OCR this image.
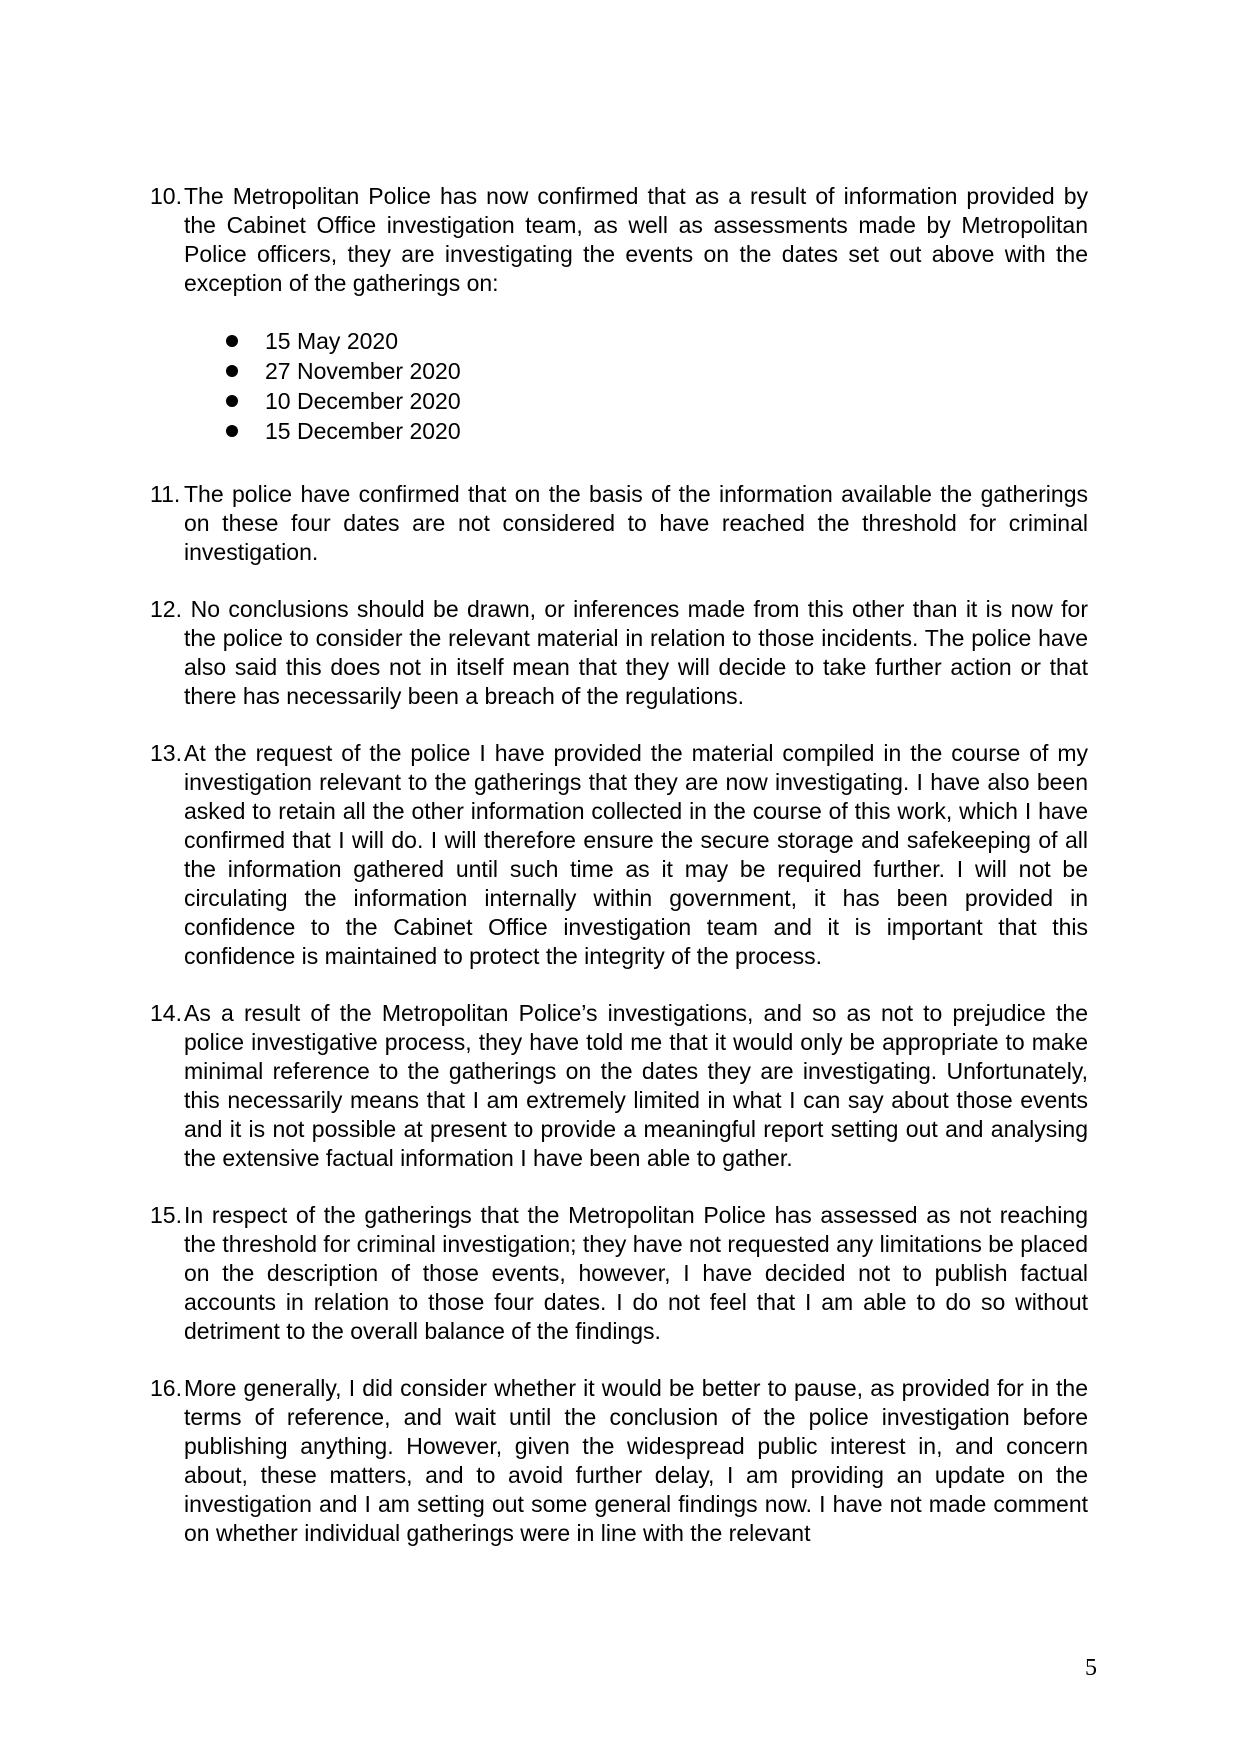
10. The Metropolitan Police has now confirmed that as a result of information provided by the Cabinet Office investigation team, as well as assessments made by Metropolitan Police officers, they are investigating the events on the dates set out above with the exception of the gatherings on:
15 May 2020
27 November 2020
10 December 2020
15 December 2020
11. The police have confirmed that on the basis of the information available the gatherings on these four dates are not considered to have reached the threshold for criminal investigation.
12. No conclusions should be drawn, or inferences made from this other than it is now for the police to consider the relevant material in relation to those incidents. The police have also said this does not in itself mean that they will decide to take further action or that there has necessarily been a breach of the regulations.
13. At the request of the police I have provided the material compiled in the course of my investigation relevant to the gatherings that they are now investigating. I have also been asked to retain all the other information collected in the course of this work, which I have confirmed that I will do. I will therefore ensure the secure storage and safekeeping of all the information gathered until such time as it may be required further. I will not be circulating the information internally within government, it has been provided in confidence to the Cabinet Office investigation team and it is important that this confidence is maintained to protect the integrity of the process.
14. As a result of the Metropolitan Police’s investigations, and so as not to prejudice the police investigative process, they have told me that it would only be appropriate to make minimal reference to the gatherings on the dates they are investigating. Unfortunately, this necessarily means that I am extremely limited in what I can say about those events and it is not possible at present to provide a meaningful report setting out and analysing the extensive factual information I have been able to gather.
15. In respect of the gatherings that the Metropolitan Police has assessed as not reaching the threshold for criminal investigation; they have not requested any limitations be placed on the description of those events, however, I have decided not to publish factual accounts in relation to those four dates. I do not feel that I am able to do so without detriment to the overall balance of the findings.
16. More generally, I did consider whether it would be better to pause, as provided for in the terms of reference, and wait until the conclusion of the police investigation before publishing anything. However, given the widespread public interest in, and concern about, these matters, and to avoid further delay, I am providing an update on the investigation and I am setting out some general findings now. I have not made comment on whether individual gatherings were in line with the relevant
5
